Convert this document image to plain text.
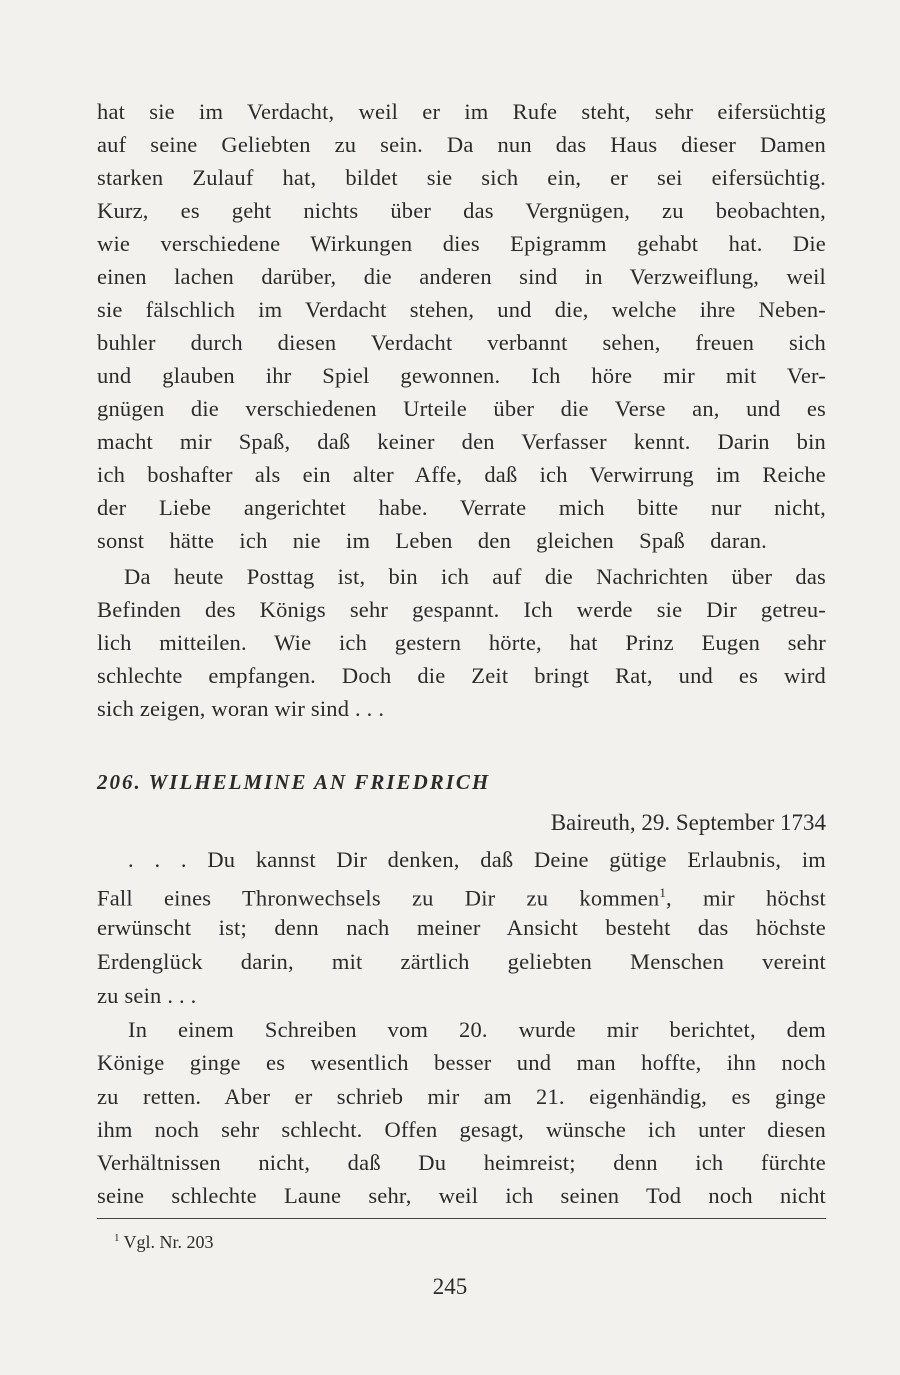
hat sie im Verdacht, weil er im Rufe steht, sehr eifersüchtig
auf seine Geliebten zu sein. Da nun das Haus dieser Damen
starken Zulauf hat, bildet sie sich ein, er sei eifersüchtig.
Kurz, es geht nichts über das Vergnügen, zu beobachten,
wie verschiedene Wirkungen dies Epigramm gehabt hat. Die
einen lachen darüber, die anderen sind in Verzweiflung, weil
sie fälschlich im Verdacht stehen, und die, welche ihre Neben-
buhler durch diesen Verdacht verbannt sehen, freuen sich
und glauben ihr Spiel gewonnen. Ich höre mir mit Ver-
gnügen die verschiedenen Urteile über die Verse an, und es
macht mir Spaß, daß keiner den Verfasser kennt. Darin bin
ich boshafter als ein alter Affe, daß ich Verwirrung im Reiche
der Liebe angerichtet habe. Verrate mich bitte nur nicht,
sonst hätte ich nie im Leben den gleichen Spaß daran.
Da heute Posttag ist, bin ich auf die Nachrichten über das
Befinden des Königs sehr gespannt. Ich werde sie Dir getreu-
lich mitteilen. Wie ich gestern hörte, hat Prinz Eugen sehr
schlechte empfangen. Doch die Zeit bringt Rat, und es wird
sich zeigen, woran wir sind . . .
206. WILHELMINE AN FRIEDRICH
Baireuth, 29. September 1734
. . . Du kannst Dir denken, daß Deine gütige Erlaubnis, im
Fall eines Thronwechsels zu Dir zu kommen$^1$, mir höchst
erwünscht ist; denn nach meiner Ansicht besteht das höchste
Erdenglück darin, mit zärtlich geliebten Menschen vereint
zu sein . . .
In einem Schreiben vom 20. wurde mir berichtet, dem
Könige ginge es wesentlich besser und man hoffte, ihn noch
zu retten. Aber er schrieb mir am 21. eigenhändig, es ginge
ihm noch sehr schlecht. Offen gesagt, wünsche ich unter diesen
Verhältnissen nicht, daß Du heimreist; denn ich fürchte
seine schlechte Laune sehr, weil ich seinen Tod noch nicht
$^1$ Vgl. Nr. 203
245
